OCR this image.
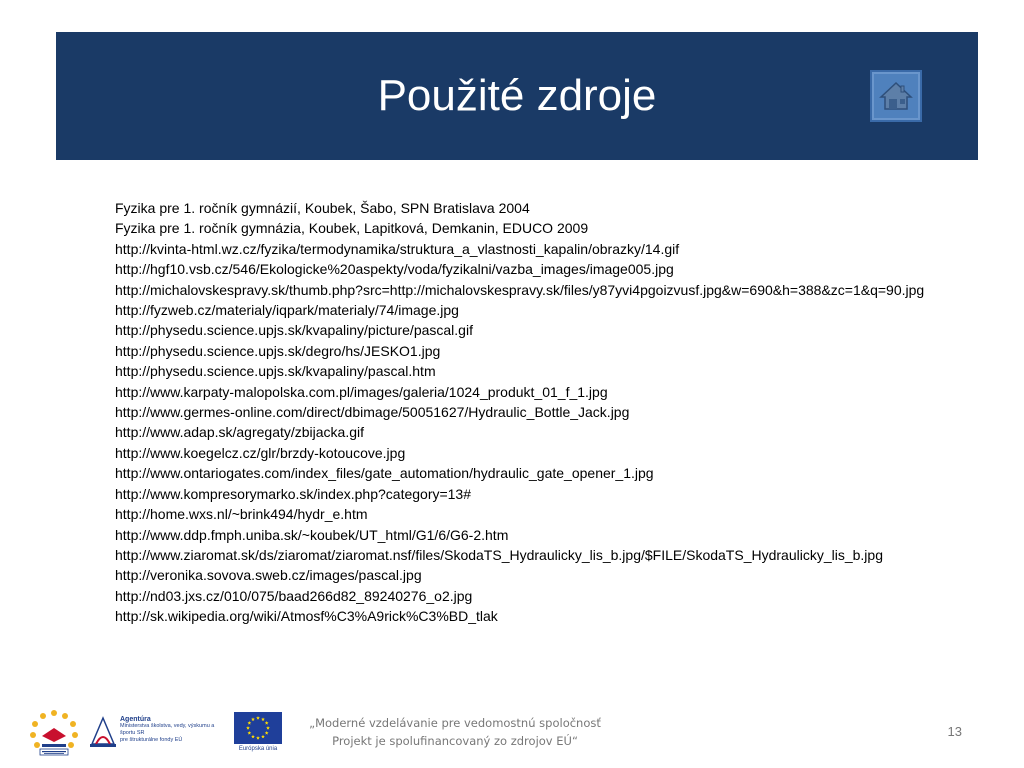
Použité zdroje
Fyzika pre 1. ročník gymnázií, Koubek, Šabo, SPN Bratislava 2004
Fyzika pre 1. ročník gymnázia, Koubek, Lapitková, Demkanin, EDUCO 2009
http://kvinta-html.wz.cz/fyzika/termodynamika/struktura_a_vlastnosti_kapalin/obrazky/14.gif
http://hgf10.vsb.cz/546/Ekologicke%20aspekty/voda/fyzikalni/vazba_images/image005.jpg
http://michalovskespravy.sk/thumb.php?src=http://michalovskespravy.sk/files/y87yvi4pgoizvusf.jpg&w=690&h=388&zc=1&q=90.jpg
http://fyzweb.cz/materialy/iqpark/materialy/74/image.jpg
http://physedu.science.upjs.sk/kvapaliny/picture/pascal.gif
http://physedu.science.upjs.sk/degro/hs/JESKO1.jpg
http://physedu.science.upjs.sk/kvapaliny/pascal.htm
http://www.karpaty-malopolska.com.pl/images/galeria/1024_produkt_01_f_1.jpg
http://www.germes-online.com/direct/dbimage/50051627/Hydraulic_Bottle_Jack.jpg
http://www.adap.sk/agregaty/zbijacka.gif
http://www.koegelcz.cz/glr/brzdy-kotoucove.jpg
http://www.ontariogates.com/index_files/gate_automation/hydraulic_gate_opener_1.jpg
http://www.kompresorymarko.sk/index.php?category=13#
http://home.wxs.nl/~brink494/hydr_e.htm
http://www.ddp.fmph.uniba.sk/~koubek/UT_html/G1/6/G6-2.htm
http://www.ziaromat.sk/ds/ziaromat/ziaromat.nsf/files/SkodaTS_Hydraulicky_lis_b.jpg/$FILE/SkodaTS_Hydraulicky_lis_b.jpg
http://veronika.sovova.sweb.cz/images/pascal.jpg
http://nd03.jxs.cz/010/075/baad266d82_89240276_o2.jpg
http://sk.wikipedia.org/wiki/Atmosf%C3%A9rick%C3%BD_tlak
Agentúra
Ministerstva školstva, vedy, výskumu a športu SR
pre štrukturálne fondy EÚ
Európska únia
„Moderné vzdelávanie pre vedomostnú spoločnosť
Projekt je spolufinancovaný zo zdrojov EÚ“
13
